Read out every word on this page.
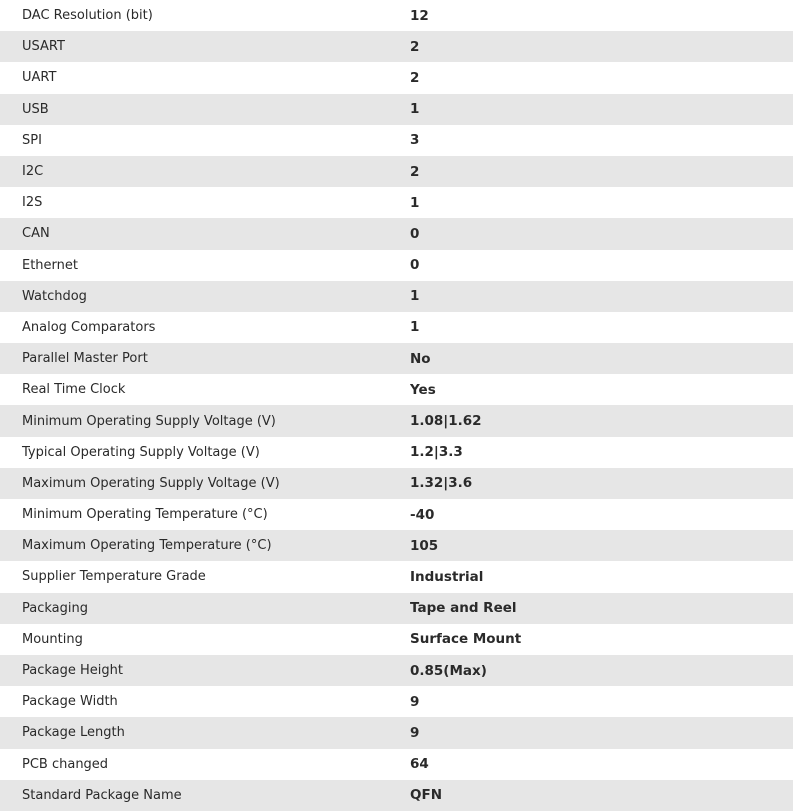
DAC Resolution (bit)	12
USART	2
UART	2
USB	1
SPI	3
I2C	2
I2S	1
CAN	0
Ethernet	0
Watchdog	1
Analog Comparators	1
Parallel Master Port	No
Real Time Clock	Yes
Minimum Operating Supply Voltage (V)	1.08|1.62
Typical Operating Supply Voltage (V)	1.2|3.3
Maximum Operating Supply Voltage (V)	1.32|3.6
Minimum Operating Temperature (°C)	-40
Maximum Operating Temperature (°C)	105
Supplier Temperature Grade	Industrial
Packaging	Tape and Reel
Mounting	Surface Mount
Package Height	0.85(Max)
Package Width	9
Package Length	9
PCB changed	64
Standard Package Name	QFN
